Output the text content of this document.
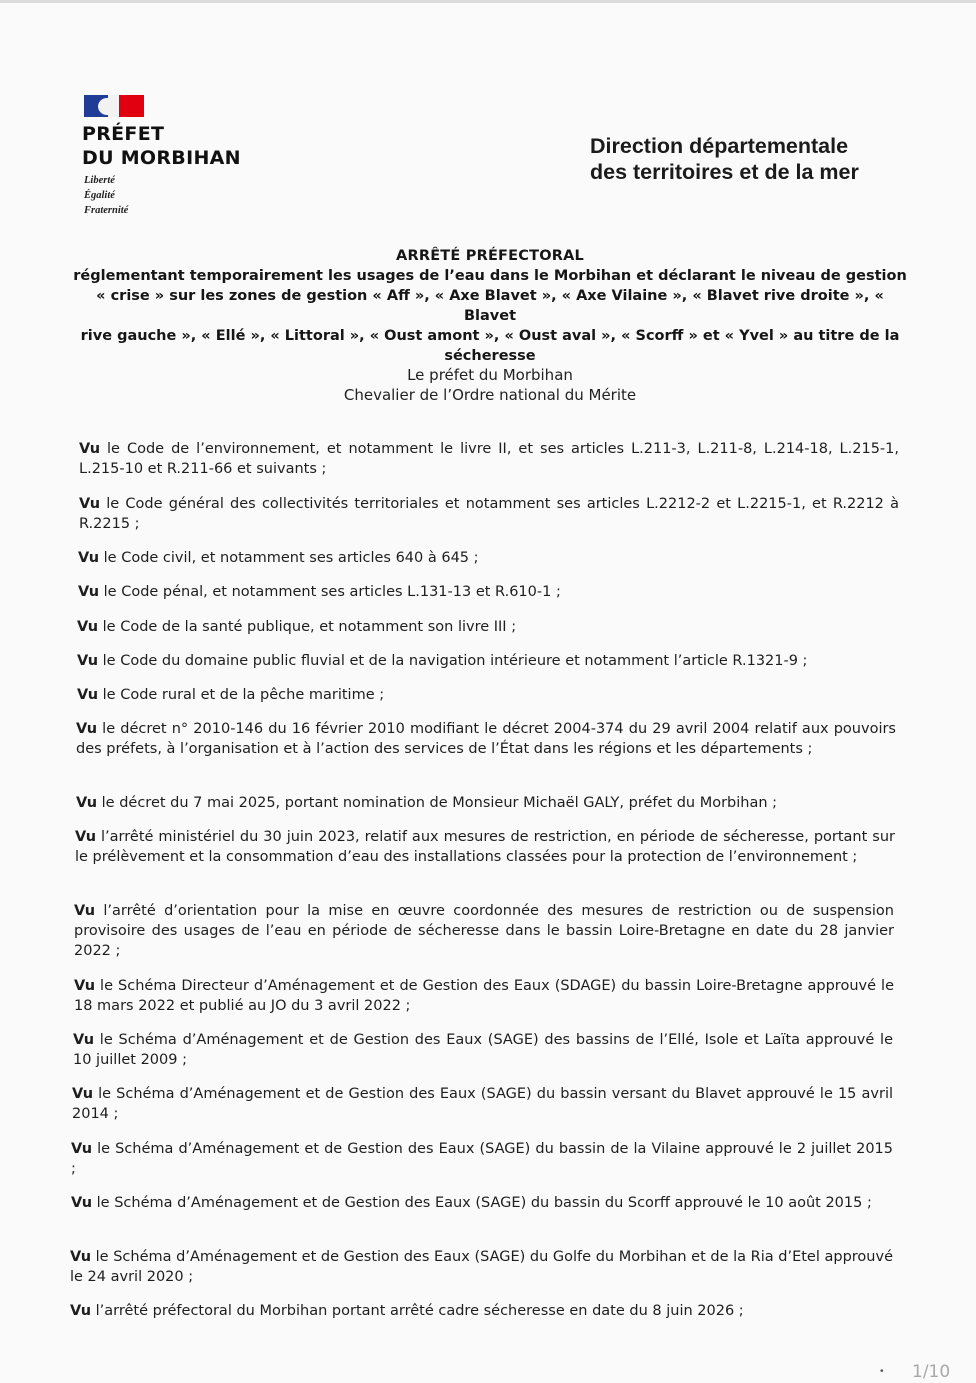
PRÉFET
DU MORBIHAN
Liberté
Égalité
Fraternité
Direction départementale
des territoires et de la mer
ARRÊTÉ PRÉFECTORAL
réglementant temporairement les usages de l’eau dans le Morbihan et déclarant le niveau de gestion
« crise » sur les zones de gestion « Aff », « Axe Blavet », « Axe Vilaine », « Blavet rive droite », « Blavet
rive gauche », « Ellé », « Littoral », « Oust amont », « Oust aval », « Scorff » et « Yvel » au titre de la
sécheresse
Le préfet du Morbihan
Chevalier de l’Ordre national du Mérite
Vu le Code de l’environnement, et notamment le livre II, et ses articles L.211-3, L.211-8, L.214-18, L.215-1, L.215-10 et R.211-66 et suivants ;
Vu le Code général des collectivités territoriales et notamment ses articles L.2212-2 et L.2215-1, et R.2212 à R.2215 ;
Vu le Code civil, et notamment ses articles 640 à 645 ;
Vu le Code pénal, et notamment ses articles L.131-13 et R.610-1 ;
Vu le Code de la santé publique, et notamment son livre III ;
Vu le Code du domaine public fluvial et de la navigation intérieure et notamment l’article R.1321-9 ;
Vu le Code rural et de la pêche maritime ;
Vu le décret n° 2010-146 du 16 février 2010 modifiant le décret 2004-374 du 29 avril 2004 relatif aux pouvoirs des préfets, à l’organisation et à l’action des services de l’État dans les régions et les départements ;
Vu le décret du 7 mai 2025, portant nomination de Monsieur Michaël GALY, préfet du Morbihan ;
Vu l’arrêté ministériel du 30 juin 2023, relatif aux mesures de restriction, en période de sécheresse, portant sur le prélèvement et la consommation d’eau des installations classées pour la protection de l’environnement ;
Vu l’arrêté d’orientation pour la mise en œuvre coordonnée des mesures de restriction ou de suspension provisoire des usages de l’eau en période de sécheresse dans le bassin Loire-Bretagne en date du 28 janvier 2022 ;
Vu le Schéma Directeur d’Aménagement et de Gestion des Eaux (SDAGE) du bassin Loire-Bretagne approuvé le 18 mars 2022 et publié au JO du 3 avril 2022 ;
Vu le Schéma d’Aménagement et de Gestion des Eaux (SAGE) des bassins de l’Ellé, Isole et Laïta approuvé le 10 juillet 2009 ;
Vu le Schéma d’Aménagement et de Gestion des Eaux (SAGE) du bassin versant du Blavet approuvé le 15 avril 2014 ;
Vu le Schéma d’Aménagement et de Gestion des Eaux (SAGE) du bassin de la Vilaine approuvé le 2 juillet 2015 ;
Vu le Schéma d’Aménagement et de Gestion des Eaux (SAGE) du bassin du Scorff approuvé le 10 août 2015 ;
Vu le Schéma d’Aménagement et de Gestion des Eaux (SAGE) du Golfe du Morbihan et de la Ria d’Etel approuvé le 24 avril 2020 ;
Vu l’arrêté préfectoral du Morbihan portant arrêté cadre sécheresse en date du 8 juin 2026 ;
• 1/10
